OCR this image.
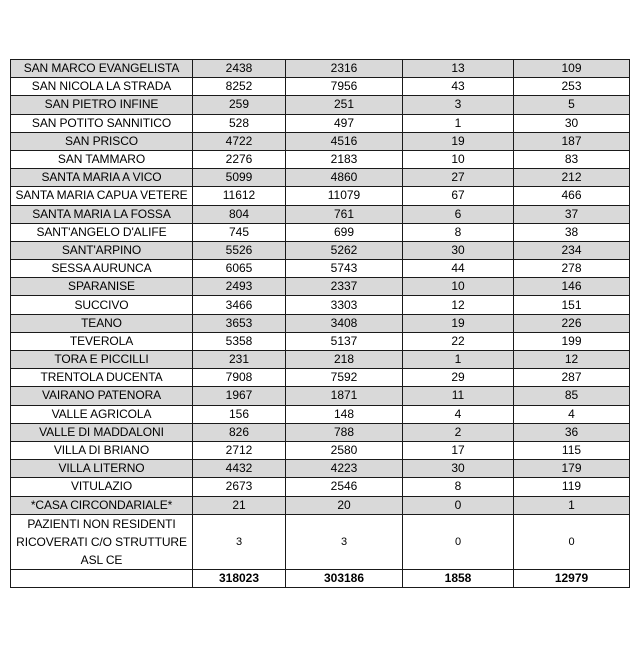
SAN MARCO EVANGELISTA	2438	2316	13	109
SAN NICOLA LA STRADA	8252	7956	43	253
SAN PIETRO INFINE	259	251	3	5
SAN POTITO SANNITICO	528	497	1	30
SAN PRISCO	4722	4516	19	187
SAN TAMMARO	2276	2183	10	83
SANTA MARIA A VICO	5099	4860	27	212
SANTA MARIA CAPUA VETERE	11612	11079	67	466
SANTA MARIA LA FOSSA	804	761	6	37
SANT'ANGELO D'ALIFE	745	699	8	38
SANT'ARPINO	5526	5262	30	234
SESSA AURUNCA	6065	5743	44	278
SPARANISE	2493	2337	10	146
SUCCIVO	3466	3303	12	151
TEANO	3653	3408	19	226
TEVEROLA	5358	5137	22	199
TORA E PICCILLI	231	218	1	12
TRENTOLA DUCENTA	7908	7592	29	287
VAIRANO PATENORA	1967	1871	11	85
VALLE AGRICOLA	156	148	4	4
VALLE DI MADDALONI	826	788	2	36
VILLA DI BRIANO	2712	2580	17	115
VILLA LITERNO	4432	4223	30	179
VITULAZIO	2673	2546	8	119
*CASA CIRCONDARIALE*	21	20	0	1
PAZIENTI NON RESIDENTI RICOVERATI C/O STRUTTURE ASL CE	3	3	0	0
	318023	303186	1858	12979
